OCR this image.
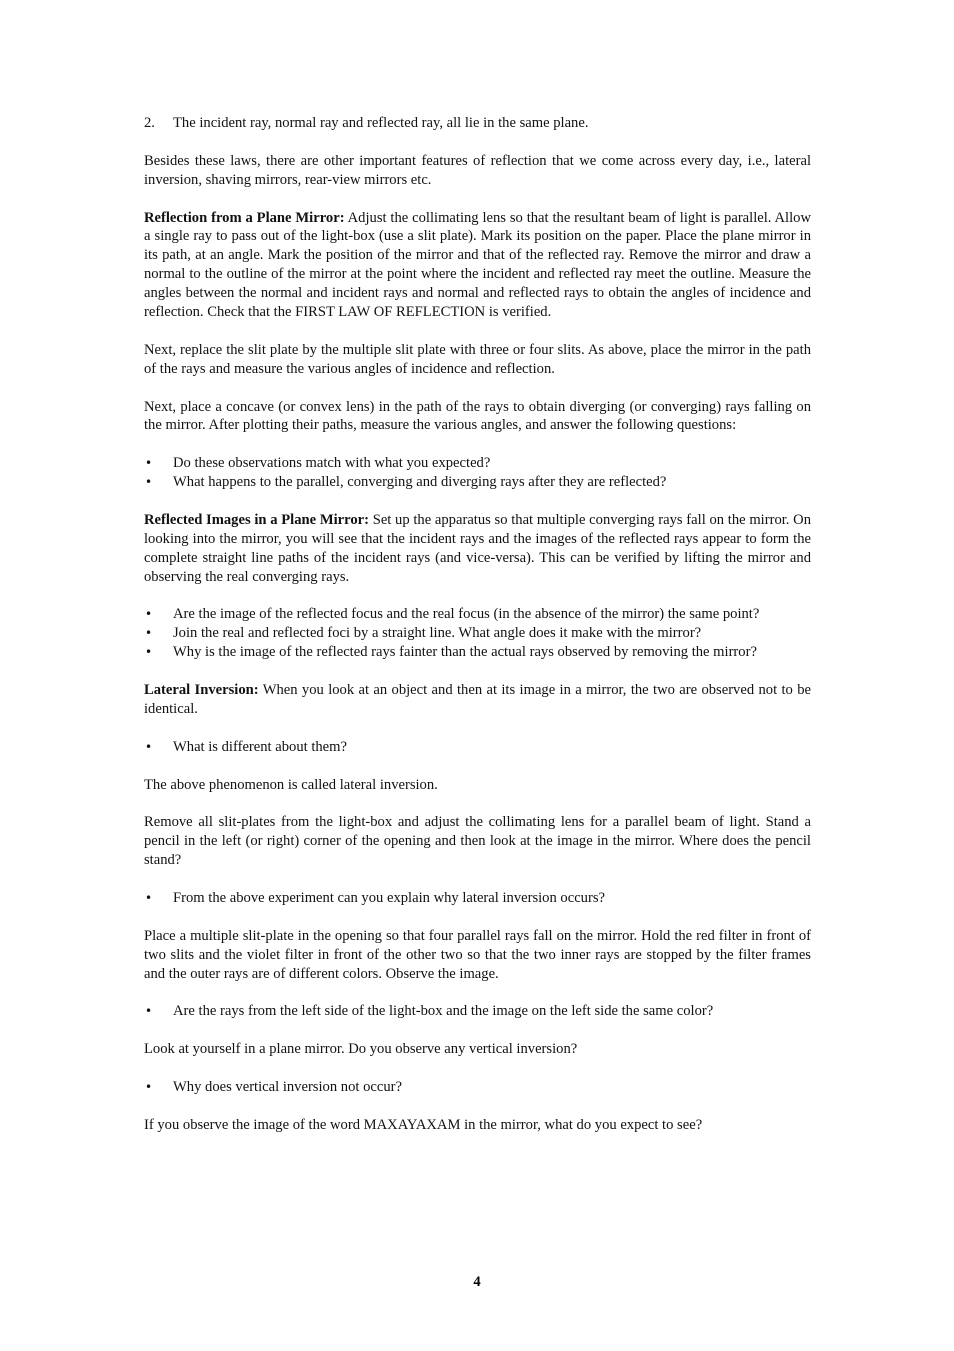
2.	The incident ray, normal ray and reflected ray, all lie in the same plane.

Besides these laws, there are other important features of reflection that we come across every day, i.e., lateral inversion, shaving mirrors, rear-view mirrors etc.

Reflection from a Plane Mirror: Adjust the collimating lens so that the resultant beam of light is parallel. Allow a single ray to pass out of the light-box (use a slit plate). Mark its position on the paper. Place the plane mirror in its path, at an angle. Mark the position of the mirror and that of the reflected ray. Remove the mirror and draw a normal to the outline of the mirror at the point where the incident and reflected ray meet the outline. Measure the angles between the normal and incident rays and normal and reflected rays to obtain the angles of incidence and reflection. Check that the FIRST LAW OF REFLECTION is verified.

Next, replace the slit plate by the multiple slit plate with three or four slits. As above, place the mirror in the path of the rays and measure the various angles of incidence and reflection.

Next, place a concave (or convex lens) in the path of the rays to obtain diverging (or converging) rays falling on the mirror. After plotting their paths, measure the various angles, and answer the following questions:

• Do these observations match with what you expected?
• What happens to the parallel, converging and diverging rays after they are reflected?

Reflected Images in a Plane Mirror: Set up the apparatus so that multiple converging rays fall on the mirror. On looking into the mirror, you will see that the incident rays and the images of the reflected rays appear to form the complete straight line paths of the incident rays (and vice-versa). This can be verified by lifting the mirror and observing the real converging rays.

• Are the image of the reflected focus and the real focus (in the absence of the mirror) the same point?
• Join the real and reflected foci by a straight line. What angle does it make with the mirror?
• Why is the image of the reflected rays fainter than the actual rays observed by removing the mirror?

Lateral Inversion: When you look at an object and then at its image in a mirror, the two are observed not to be identical.

• What is different about them?

The above phenomenon is called lateral inversion.

Remove all slit-plates from the light-box and adjust the collimating lens for a parallel beam of light. Stand a pencil in the left (or right) corner of the opening and then look at the image in the mirror. Where does the pencil stand?

• From the above experiment can you explain why lateral inversion occurs?

Place a multiple slit-plate in the opening so that four parallel rays fall on the mirror. Hold the red filter in front of two slits and the violet filter in front of the other two so that the two inner rays are stopped by the filter frames and the outer rays are of different colors. Observe the image.

• Are the rays from the left side of the light-box and the image on the left side the same color?

Look at yourself in a plane mirror. Do you observe any vertical inversion?

• Why does vertical inversion not occur?

If you observe the image of the word MAXAYAXAM in the mirror, what do you expect to see?

4
